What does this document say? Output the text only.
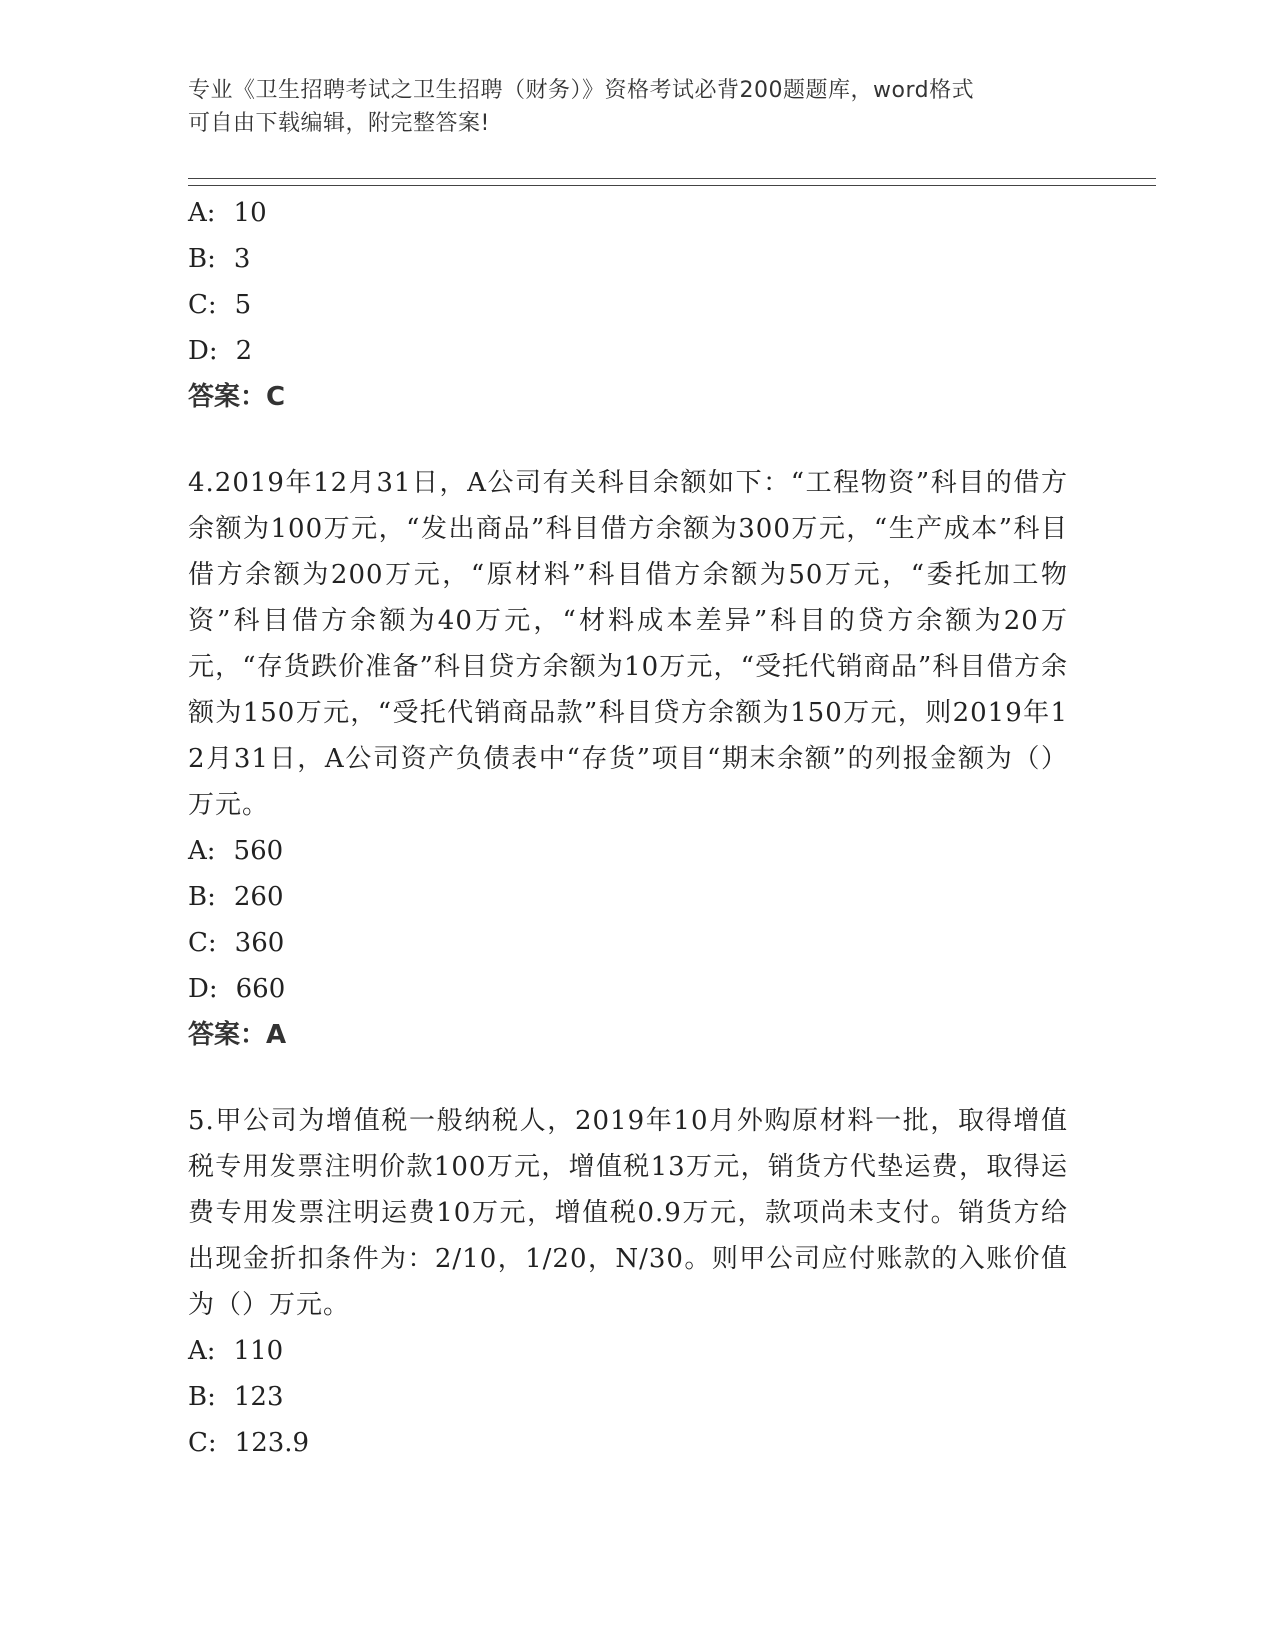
专业《卫生招聘考试之卫生招聘（财务）》资格考试必背200题题库，word格式
可自由下载编辑，附完整答案!
A: 10
B: 3
C: 5
D: 2
答案：C
4.2019年12月31日，A公司有关科目余额如下：“工程物资”科目的借方余额为100万元，“发出商品”科目借方余额为300万元，“生产成本”科目借方余额为200万元，“原材料”科目借方余额为50万元，“委托加工物资”科目借方余额为40万元，“材料成本差异”科目的贷方余额为20万元，“存货跌价准备”科目贷方余额为10万元，“受托代销商品”科目借方余额为150万元，“受托代销商品款”科目贷方余额为150万元，则2019年12月31日，A公司资产负债表中“存货”项目“期末余额”的列报金额为（）万元。
A: 560
B: 260
C: 360
D: 660
答案：A
5.甲公司为增值税一般纳税人，2019年10月外购原材料一批，取得增值税专用发票注明价款100万元，增值税13万元，销货方代垫运费，取得运费专用发票注明运费10万元，增值税0.9万元，款项尚未支付。销货方给出现金折扣条件为：2/10，1/20，N/30。则甲公司应付账款的入账价值为（）万元。
A: 110
B: 123
C: 123.9
